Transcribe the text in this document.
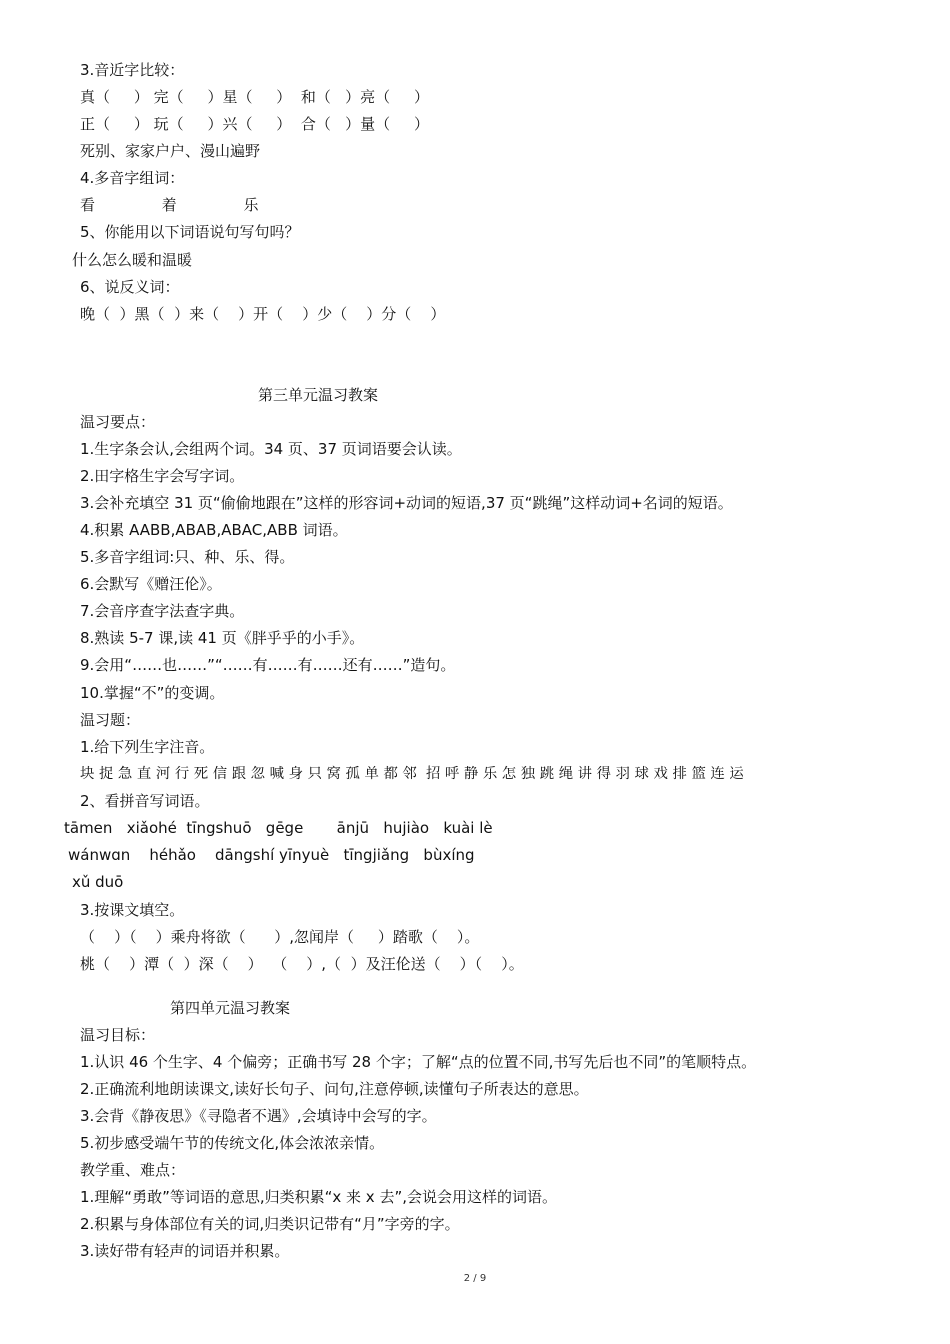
3.音近字比较：
真（     ） 完（     ）星（     ）  和（   ）亮（     ）
正（     ） 玩（     ）兴（     ）  合（   ）量（     ）
死别、家家户户、漫山遍野
4.多音字组词：
看              着              乐
5、你能用以下词语说句写句吗？
什么怎么暖和温暖
6、说反义词：
晚（  ）黑（  ）来（    ）开（    ）少（    ）分（    ）
第三单元温习教案
温习要点：
1.生字条会认,会组两个词。34 页、37 页词语要会认读。
2.田字格生字会写字词。
3.会补充填空 31 页“偷偷地跟在”这样的形容词+动词的短语,37 页“跳绳”这样动词+名词的短语。
4.积累 AABB,ABAB,ABAC,ABB 词语。
5.多音字组词:只、种、乐、得。
6.会默写《赠汪伦》。
7.会音序查字法查字典。
8.熟读 5-7 课,读 41 页《胖乎乎的小手》。
9.会用“……也……”“……有……有……还有……”造句。
10.掌握“不”的变调。
温习题：
1.给下列生字注音。
块 捉 急 直 河 行 死 信 跟 忽 喊 身 只 窝 孤 单 都 邻  招 呼 静 乐 怎 独 跳 绳 讲 得 羽 球 戏 排 篮 连 运
2、看拼音写词语。
tāmen   xiǎohé  tīngshuō   gēge       ānjū   hujiào   kuài lè
wánwɑn    héhǎo    dāngshí yīnyuè   tīngjiǎng   bùxíng
xǔ duō
3.按课文填空。
（    ）（    ）乘舟将欲（      ）,忽闻岸（     ）踏歌（    ）。
桃（    ）潭（  ）深（    ）  （    ）,（  ）及汪伦送（    ）（    ）。
第四单元温习教案
温习目标：
1.认识 46 个生字、4 个偏旁；正确书写 28 个字；了解“点的位置不同,书写先后也不同”的笔顺特点。
2.正确流利地朗读课文,读好长句子、问句,注意停顿,读懂句子所表达的意思。
3.会背《静夜思》《寻隐者不遇》,会填诗中会写的字。
5.初步感受端午节的传统文化,体会浓浓亲情。
教学重、难点：
1.理解“勇敢”等词语的意思,归类积累“x 来 x 去”,会说会用这样的词语。
2.积累与身体部位有关的词,归类识记带有“月”字旁的字。
3.读好带有轻声的词语并积累。
2 / 9
